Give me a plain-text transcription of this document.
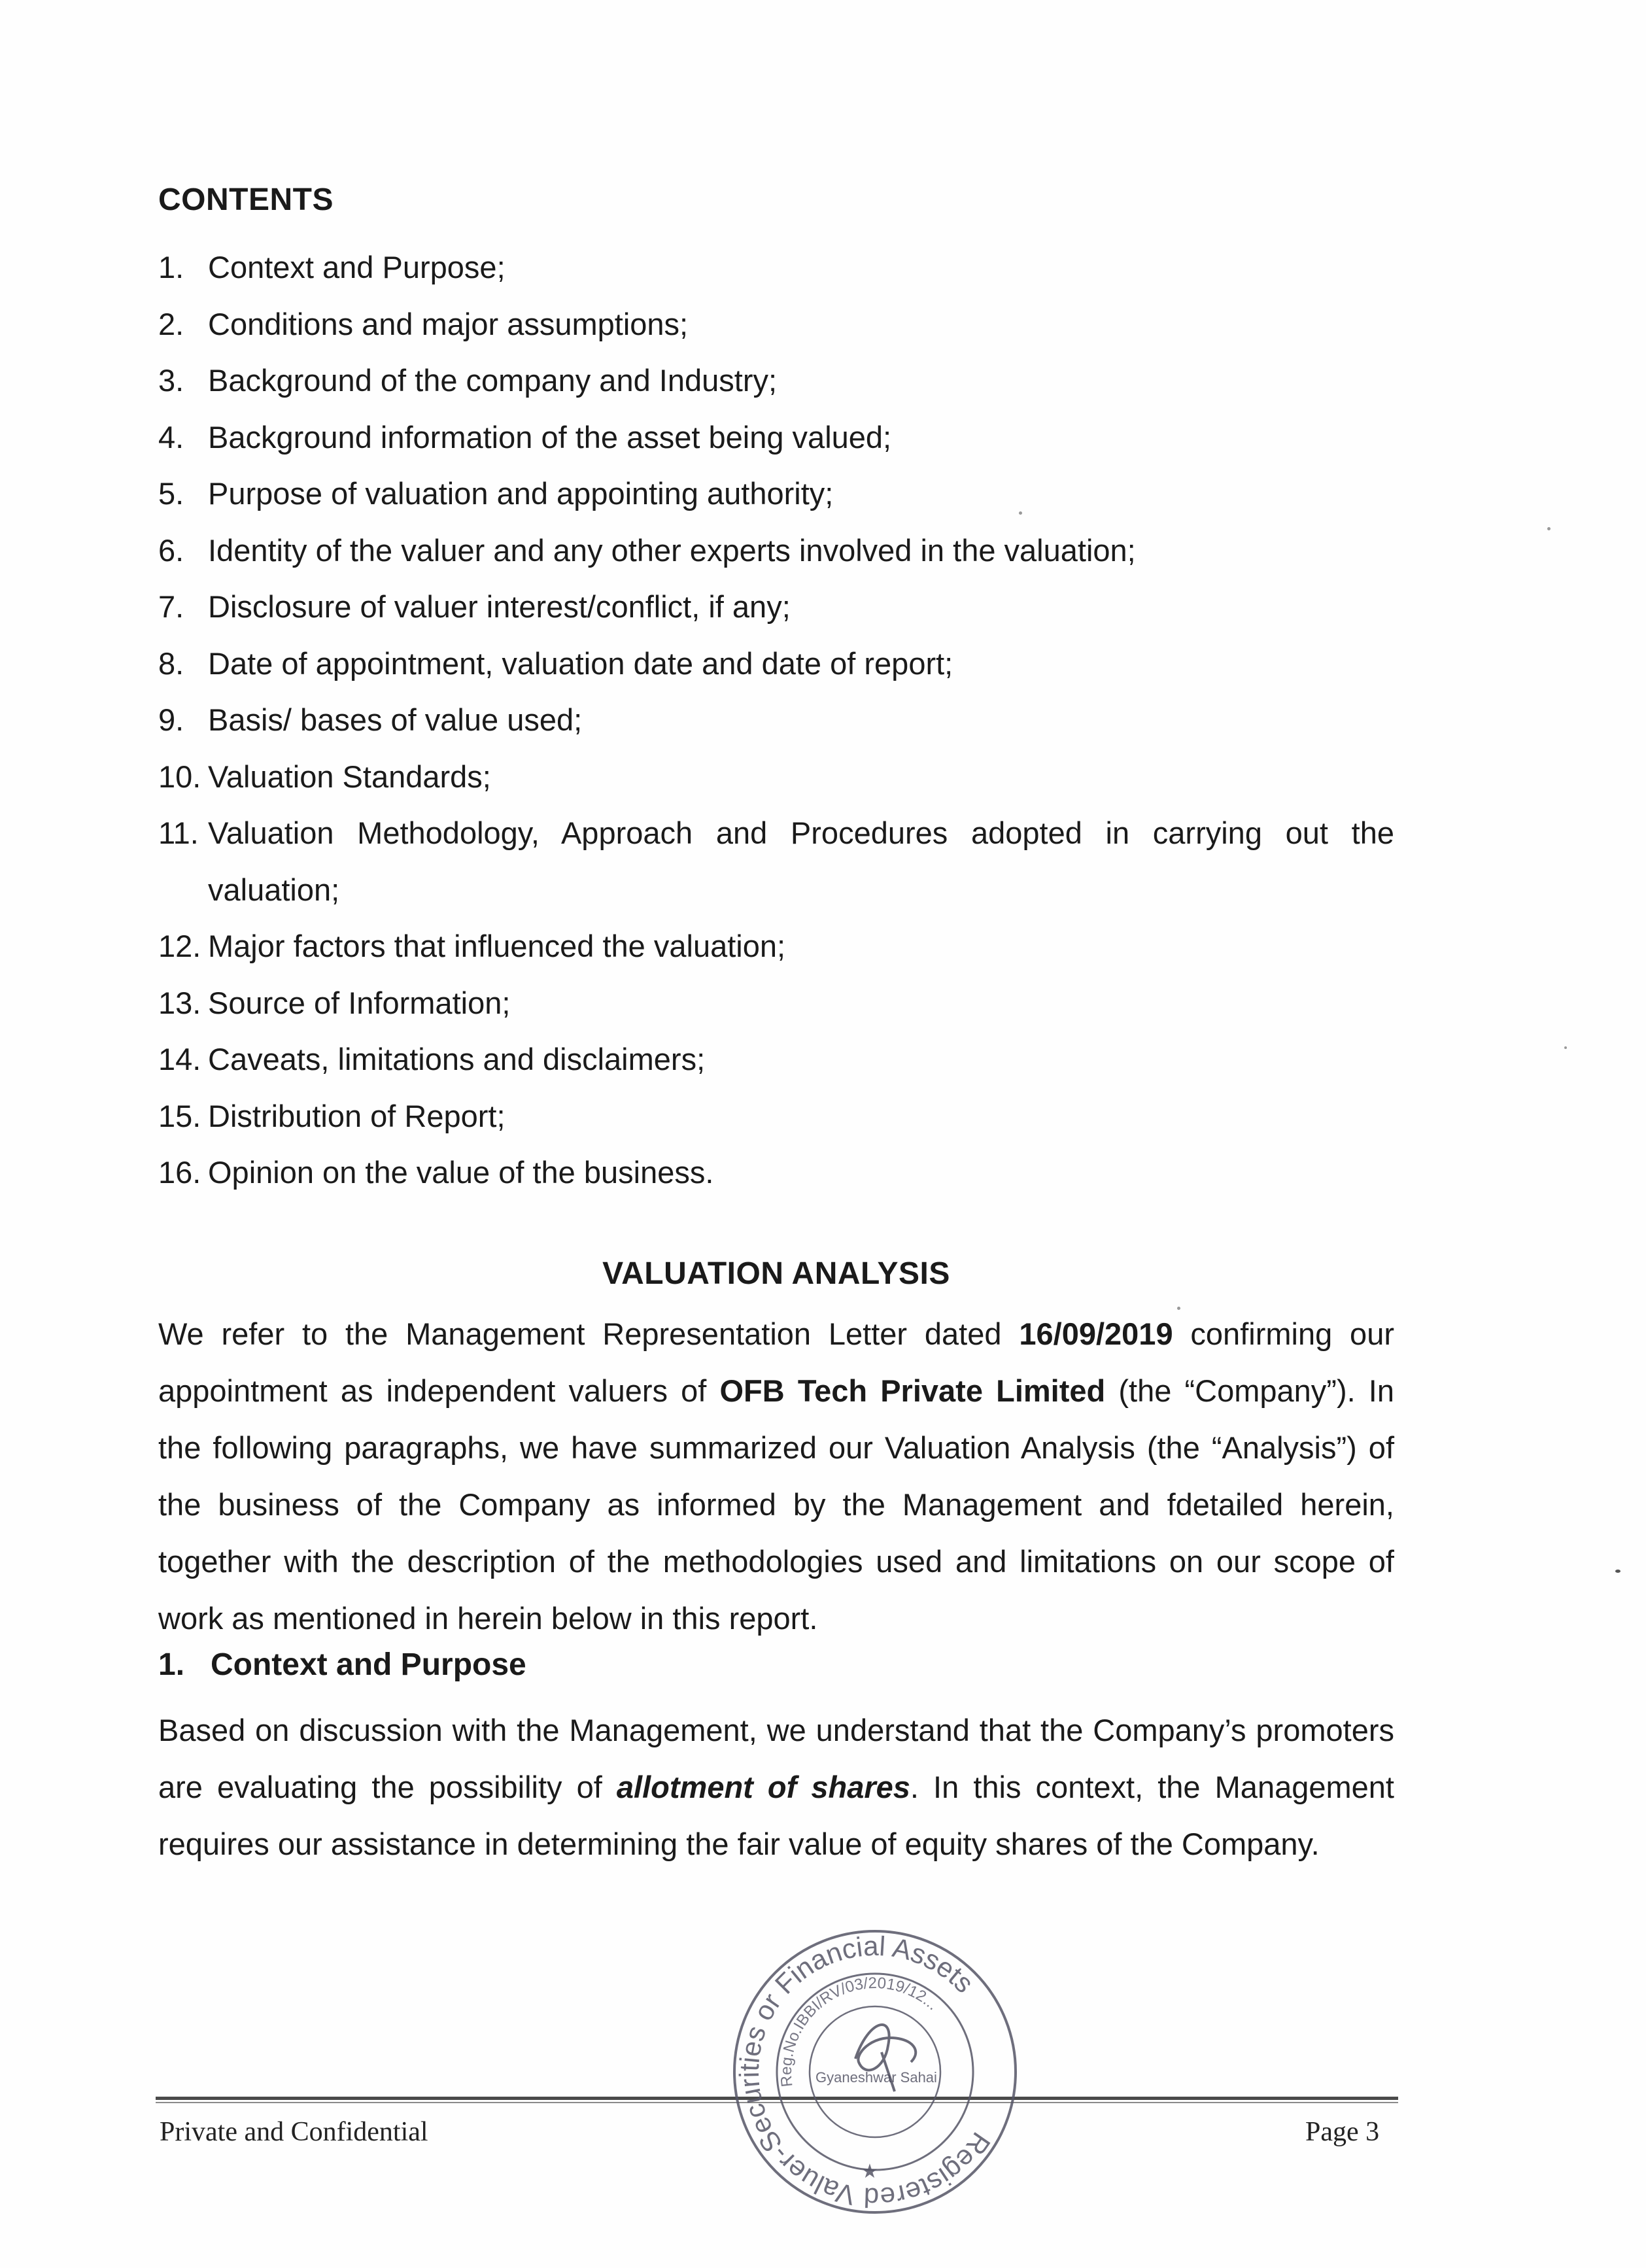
CONTENTS
1. Context and Purpose;
2. Conditions and major assumptions;
3. Background of the company and Industry;
4. Background information of the asset being valued;
5. Purpose of valuation and appointing authority;
6. Identity of the valuer and any other experts involved in the valuation;
7. Disclosure of valuer interest/conflict, if any;
8. Date of appointment, valuation date and date of report;
9. Basis/ bases of value used;
10. Valuation Standards;
11. Valuation Methodology, Approach and Procedures adopted in carrying out the valuation;
12. Major factors that influenced the valuation;
13. Source of Information;
14. Caveats, limitations and disclaimers;
15. Distribution of Report;
16. Opinion on the value of the business.
VALUATION ANALYSIS

We refer to the Management Representation Letter dated 16/09/2019 confirming our appointment as independent valuers of OFB Tech Private Limited (the “Company”). In the following paragraphs, we have summarized our Valuation Analysis (the “Analysis”) of the business of the Company as informed by the Management and fdetailed herein, together with the description of the methodologies used and limitations on our scope of work as mentioned in herein below in this report.

1. Context and Purpose

Based on discussion with the Management, we understand that the Company’s promoters are evaluating the possibility of allotment of shares. In this context, the Management requires our assistance in determining the fair value of equity shares of the Company.

Private and Confidential	Page 3
Registered Valuer-Securities or Financial Assets
Reg.No.IBBI/RV/03/2019/12...
Gyaneshwar Sahai
★
